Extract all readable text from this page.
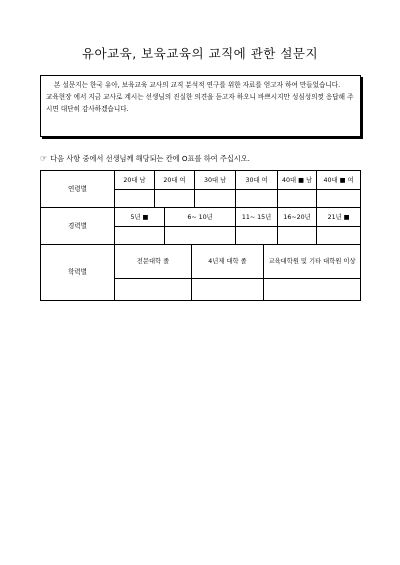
유아교육, 보육교육의 교직에 관한 설문지

본 설문지는 한국 유아, 보육교육 교사의 교직 분석적 연구를 위한 자료를 얻고자 하여 만들었습니다.

교육현장 에서 지금 교사로 계시는 선생님의 진실한 의견을 듣고자 하오니 바쁘시지만 성심성의껏 응답해 주시면 대단히 감사하겠습니다.

☞ 다음 사항 중에서 선생님께 해당되는 칸에 O표를 하여 주십시오.
연령별	20대 남	20대 여			30대 남	30대 여		40대 ■ 남	40대 ■ 여

경력별	5년 ■		6~ 10년			11~ 15년		16~20년	21년 ■

학력별	전문대학 졸			4년제 대학 졸			교육대학원 및 기타 대학원 이상		
